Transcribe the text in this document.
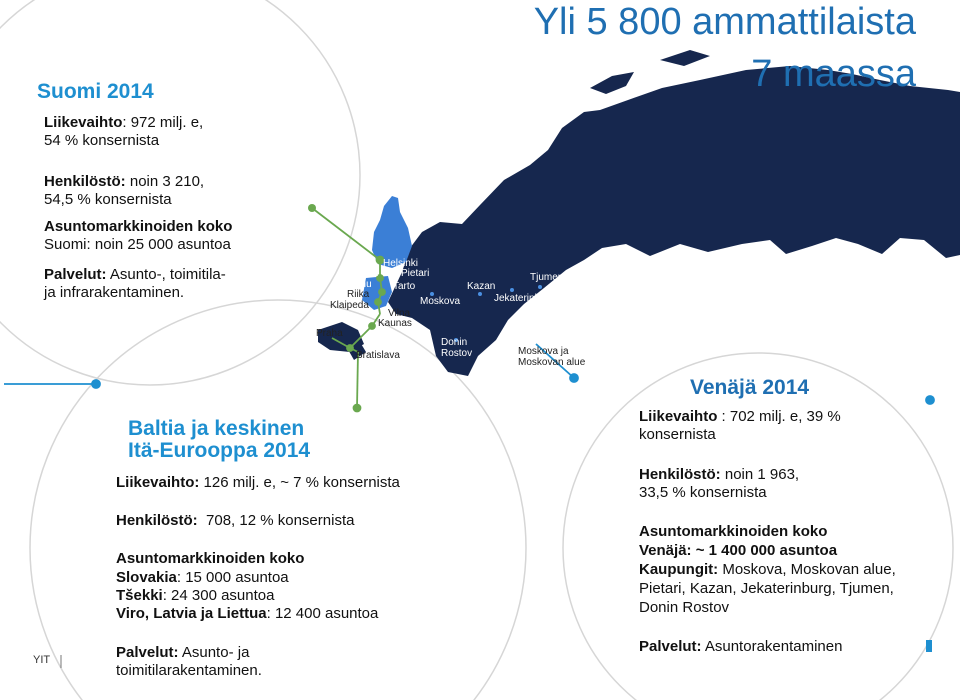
Yli 5 800 ammattilaista
7 maassa
Helsinki
Tallinna Pietari
Pärnu Tarto
Riika
Klaipeda
Vilna
Kaunas
Praha
Bratislava
Moskova
Kazan
Jekaterinburg
Tjumen
Donin
Rostov	Moskova ja
Moskovan alue
Suomi 2014
Liikevaihto: 972 milj. e,
54 % konsernista
Henkilöstö: noin 3 210,
54,5 % konsernista
Asuntomarkkinoiden koko
Suomi: noin 25 000 asuntoa
Palvelut: Asunto-, toimitila-
ja infrarakentaminen.
Baltia ja keskinen
Itä-Eurooppa 2014
Liikevaihto: 126 milj. e, ~ 7 % konsernista
Henkilöstö:  708, 12 % konsernista
Asuntomarkkinoiden koko
Slovakia: 15 000 asuntoa
Tšekki: 24 300 asuntoa
Viro, Latvia ja Liettua: 12 400 asuntoa
Palvelut: Asunto- ja
toimitilarakentaminen.
Venäjä 2014
Liikevaihto : 702 milj. e, 39 %
konsernista
Henkilöstö: noin 1 963,
33,5 % konsernista
Asuntomarkkinoiden koko
Venäjä: ~ 1 400 000 asuntoa
Kaupungit: Moskova, Moskovan alue,
Pietari, Kazan, Jekaterinburg, Tjumen,
Donin Rostov
Palvelut: Asuntorakentaminen
YIT
